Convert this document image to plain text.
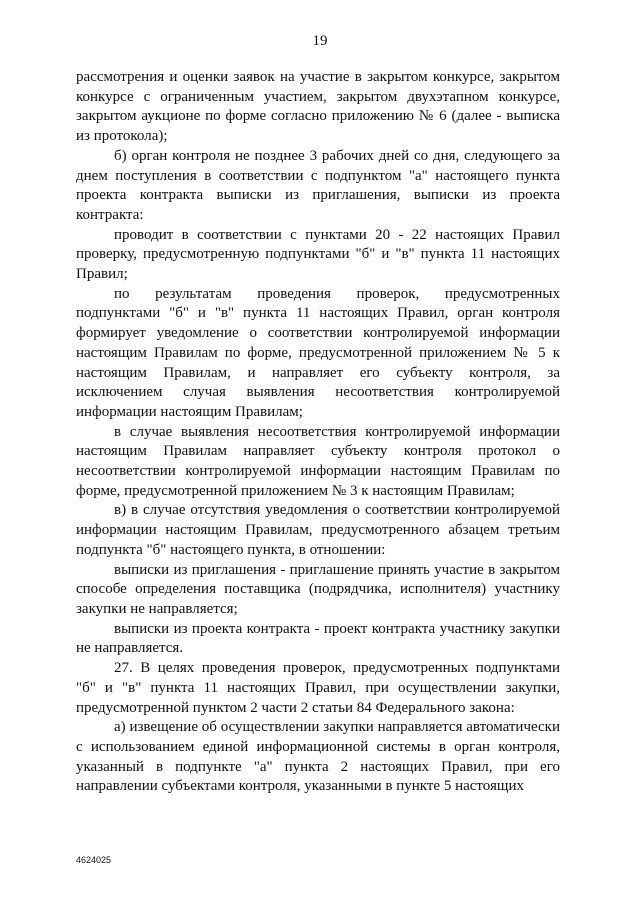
19

рассмотрения и оценки заявок на участие в закрытом конкурсе, закрытом конкурсе с ограниченным участием, закрытом двухэтапном конкурсе, закрытом аукционе по форме согласно приложению № 6 (далее - выписка из протокола);

б) орган контроля не позднее 3 рабочих дней со дня, следующего за днем поступления в соответствии с подпунктом "а" настоящего пункта проекта контракта выписки из приглашения, выписки из проекта контракта:

проводит в соответствии с пунктами 20 - 22 настоящих Правил проверку, предусмотренную подпунктами "б" и "в" пункта 11 настоящих Правил;

по результатам проведения проверок, предусмотренных подпунктами "б" и "в" пункта 11 настоящих Правил, орган контроля формирует уведомление о соответствии контролируемой информации настоящим Правилам по форме, предусмотренной приложением № 5 к настоящим Правилам, и направляет его субъекту контроля, за исключением случая выявления несоответствия контролируемой информации настоящим Правилам;

в случае выявления несоответствия контролируемой информации настоящим Правилам направляет субъекту контроля протокол о несоответствии контролируемой информации настоящим Правилам по форме, предусмотренной приложением № 3 к настоящим Правилам;

в) в случае отсутствия уведомления о соответствии контролируемой информации настоящим Правилам, предусмотренного абзацем третьим подпункта "б" настоящего пункта, в отношении:

выписки из приглашения - приглашение принять участие в закрытом способе определения поставщика (подрядчика, исполнителя) участнику закупки не направляется;

выписки из проекта контракта - проект контракта участнику закупки не направляется.

27. В целях проведения проверок, предусмотренных подпунктами "б" и "в" пункта 11 настоящих Правил, при осуществлении закупки, предусмотренной пунктом 2 части 2 статьи 84 Федерального закона:

а) извещение об осуществлении закупки направляется автоматически с использованием единой информационной системы в орган контроля, указанный в подпункте "а" пункта 2 настоящих Правил, при его направлении субъектами контроля, указанными в пункте 5 настоящих

4624025
